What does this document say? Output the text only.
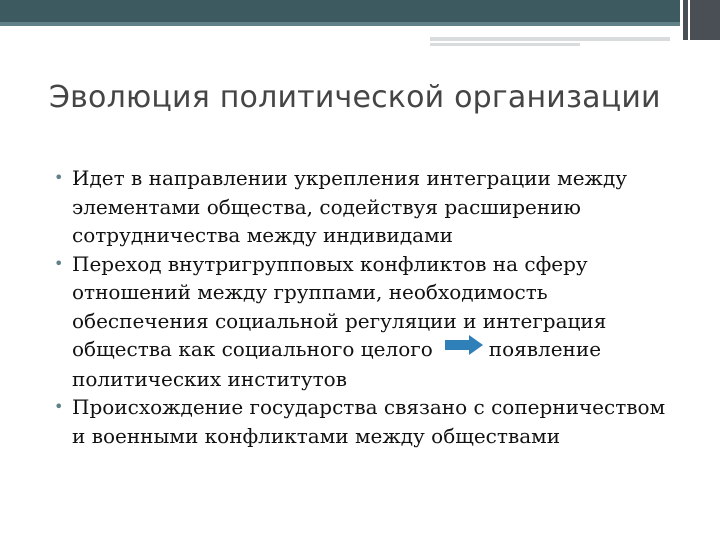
Эволюция политической организации
• Идет в направлении укрепления интеграции между элементами общества, содействуя расширению сотрудничества между индивидами
• Переход внутригрупповых конфликтов на сферу отношений между группами, необходимость обеспечения социальной регуляции и интеграция общества как социального целого	появление политических институтов
• Происхождение государства связано с соперничеством и военными конфликтами между обществами
